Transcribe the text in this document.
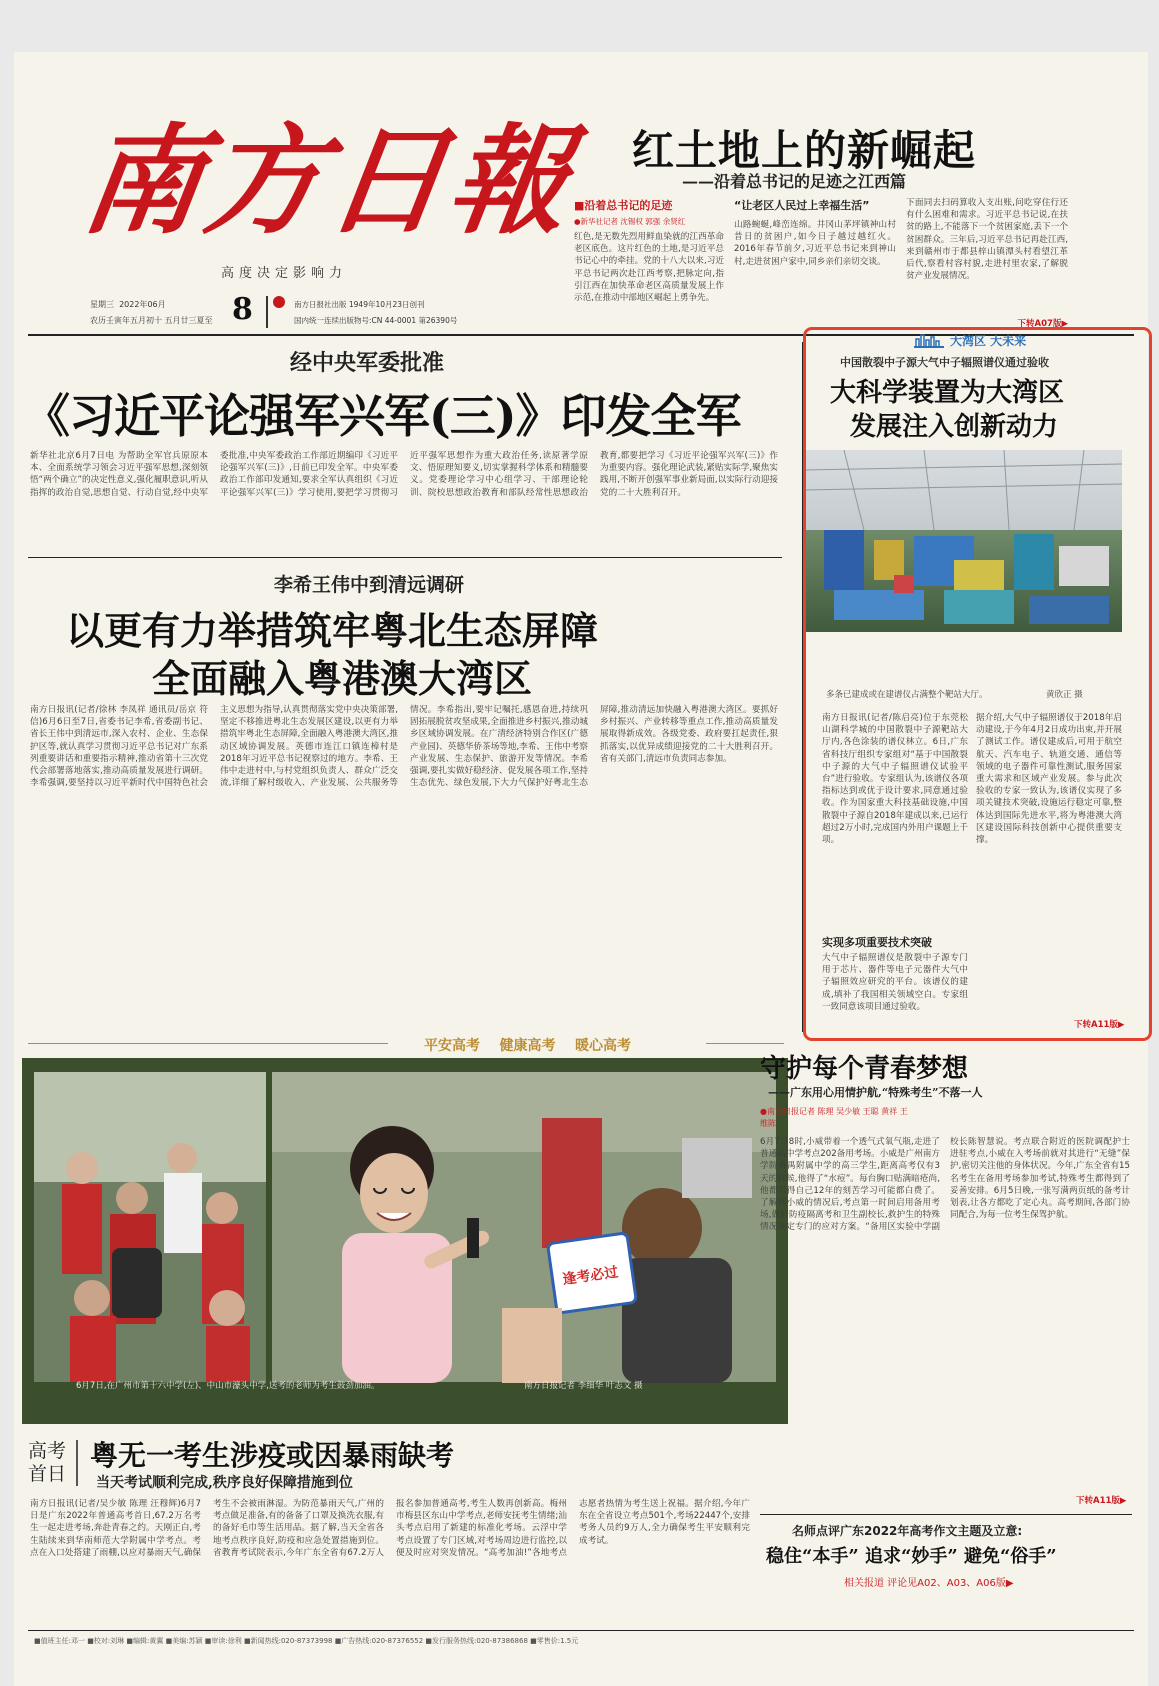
南方日報
高度决定影响力
星期三 2022年06月
农历壬寅年五月初十 五月廿三夏至 8	南方日报社出版 1949年10月23日创刊
国内统一连续出版物号:CN 44-0001 第26390号
红土地上的新崛起
——沿着总书记的足迹之江西篇
■沿着总书记的足迹
●新华社记者 沈锡权 郭强 余贤红

红色,是无数先烈用鲜血染就的江西革命老区底色。这片红色的土地,是习近平总书记心中的牵挂。党的十八大以来,习近平总书记两次赴江西考察,把脉定向,指引江西在加快革命老区高质量发展上作示范,在推动中部地区崛起上勇争先。

“让老区人民过上幸福生活”

山路蜿蜒,峰峦连绵。井冈山茅坪镇神山村昔日的贫困户,如今日子越过越红火。2016年春节前夕,习近平总书记来到神山村,走进贫困户家中,同乡亲们亲切交谈。

下面同去扫码算收入支出账,问吃穿住行还有什么困难和需求。习近平总书记说,在扶贫的路上,不能落下一个贫困家庭,丢下一个贫困群众。三年后,习近平总书记再赴江西,来到赣州市于都县梓山镇潭头村看望江革后代,察看村容村貌,走进村里农家,了解脱贫产业发展情况。

下转A07版▶
经中央军委批准
《习近平论强军兴军(三)》印发全军

新华社北京6月7日电 为帮助全军官兵原原本本、全面系统学习领会习近平强军思想,深刻领悟“两个确立”的决定性意义,强化履职意识,听从指挥的政治自觉,思想自觉、行动自觉,经中央军委批准,中央军委政治工作部近期编印《习近平论强军兴军(三)》,日前已印发全军。中央军委政治工作部印发通知,要求全军认真组织《习近平论强军兴军(三)》学习使用,要把学习贯彻习近平强军思想作为重大政治任务,读原著学原文、悟原理知要义,切实掌握科学体系和精髓要义。党委理论学习中心组学习、干部理论轮训、院校思想政治教育和部队经常性思想政治教育,都要把学习《习近平论强军兴军(三)》作为重要内容。强化理论武装,紧贴实际学,聚焦实践用,不断开创强军事业新局面,以实际行动迎接党的二十大胜利召开。

李希王伟中到清远调研
以更有力举措筑牢粤北生态屏障
全面融入粤港澳大湾区

南方日报讯(记者/徐林 李凤祥 通讯员/岳京 符信)6月6日至7日,省委书记李希,省委副书记、省长王伟中到清远市,深入农村、企业、生态保护区等,就认真学习贯彻习近平总书记对广东系列重要讲话和重要指示精神,推动省第十三次党代会部署落地落实,推动高质量发展进行调研。李希强调,要坚持以习近平新时代中国特色社会主义思想为指导,认真贯彻落实党中央决策部署,坚定不移推进粤北生态发展区建设,以更有力举措筑牢粤北生态屏障,全面融入粤港澳大湾区,推动区域协调发展。英德市连江口镇连樟村是2018年习近平总书记视察过的地方。李希、王伟中走进村中,与村党组织负责人、群众广泛交流,详细了解村级收入、产业发展、公共服务等情况。李希指出,要牢记嘱托,感恩奋进,持续巩固拓展脱贫攻坚成果,全面推进乡村振兴,推动城乡区域协调发展。在广清经济特别合作区(广德产业园)、英德华侨茶场等地,李希、王伟中考察产业发展、生态保护、旅游开发等情况。李希强调,要扎实做好稳经济、促发展各项工作,坚持生态优先、绿色发展,下大力气保护好粤北生态屏障,推动清远加快融入粤港澳大湾区。要抓好乡村振兴、产业转移等重点工作,推动高质量发展取得新成效。各级党委、政府要扛起责任,狠抓落实,以优异成绩迎接党的二十大胜利召开。省有关部门,清远市负责同志参加。

大湾区 大未来
中国散裂中子源大气中子辐照谱仪通过验收
大科学装置为大湾区
发展注入创新动力
多条已建成或在建谱仪占满整个靶站大厅。	黄欣正 摄

南方日报讯(记者/陈启亮)位于东莞松山湖科学城的中国散裂中子源靶站大厅内,各色涂装的谱仪林立。6日,广东省科技厅组织专家组对“基于中国散裂中子源的大气中子辐照谱仪试验平台”进行验收。专家组认为,该谱仪各项指标达到或优于设计要求,同意通过验收。作为国家重大科技基础设施,中国散裂中子源自2018年建成以来,已运行超过2万小时,完成国内外用户课题上千项。

实现多项重要技术突破

大气中子辐照谱仪是散裂中子源专门用于芯片、器件等电子元器件大气中子辐照效应研究的平台。该谱仪的建成,填补了我国相关领域空白。专家组一致同意该项目通过验收。

据介绍,大气中子辐照谱仪于2018年启动建设,于今年4月2日成功出束,并开展了测试工作。谱仪建成后,可用于航空航天、汽车电子、轨道交通、通信等领域的电子器件可靠性测试,服务国家重大需求和区域产业发展。参与此次验收的专家一致认为,该谱仪实现了多项关键技术突破,设施运行稳定可靠,整体达到国际先进水平,将为粤港澳大湾区建设国际科技创新中心提供重要支撑。

下转A11版▶
平安高考 健康高考 暖心高考
逢考必过
6月7日,在广州市第十六中学(左)、中山市濠头中学,送考的老师为考生鼓劲加油。	南方日报记者 李细华 叶志文 摄
守护每个青春梦想
——广东用心用情护航,“特殊考生”不落一人
●南方日报记者 陈理 吴少敏 王聪 黄祥 王维陈

6月7日8时,小威带着一个透气式氧气瓶,走进了普通高中学考点202备用考场。小威是广州南方学院番禺附属中学的高三学生,距离高考仅有3天的时候,他得了“水痘”。每台胸口贴满暗疮尚,他都觉得自己12年的刻苦学习可能都白费了。了解到小威的情况后,考点第一时间启用备用考场,做好防疫隔离考和卫生副校长,救护生的特殊情况制定专门的应对方案。“备用区实验中学副校长陈智慧说。考点联合附近的医院调配护士进驻考点,小威在入考场前就对其进行“无缝”保护,密切关注他的身体状况。今年,广东全省有15名考生在备用考场参加考试,特殊考生都得到了妥善安排。6月5日晚,一张写满两页纸的备考计划表,让各方都吃了定心丸。高考期间,各部门协同配合,为每一位考生保驾护航。

下转A11版▶
高考
首日
粤无一考生涉疫或因暴雨缺考
当天考试顺利完成,秩序良好保障措施到位

南方日报讯(记者/吴少敏 陈理 汪穆辉)6月7日是广东2022年普通高考首日,67.2万名考生一起走进考场,奔赴青春之约。天刚正白,考生陆续来到华南师范大学附属中学考点。考点在入口处搭建了雨棚,以应对暴雨天气,确保考生不会被雨淋湿。为防范暴雨天气,广州的考点做足准备,有的备备了口罩及换洗衣服,有的备好毛巾等生活用品。据了解,当天全省各地考点秩序良好,防疫和应急处置措施到位。省教育考试院表示,今年广东全省有67.2万人报名参加普通高考,考生人数再创新高。梅州市梅县区东山中学考点,老师安抚考生情绪;汕头考点启用了新建的标准化考场。云浮中学考点设置了专门区域,对考场周边进行监控,以便及时应对突发情况。“高考加油!”各地考点志愿者热情为考生送上祝福。据介绍,今年广东在全省设立考点501个,考场22447个,安排考务人员约9万人,全力确保考生平安顺利完成考试。

名师点评广东2022年高考作文主题及立意:
稳住“本手” 追求“妙手” 避免“俗手”
相关报道 评论见A02、A03、A06版▶
■值班主任:邓一 ■校对:刘琳 ■编辑:黄翼 ■美编:苏颖 ■审读:徐利 ■新闻热线:020-87373998 ■广告热线:020-87376552 ■发行服务热线:020-87386868 ■零售价:1.5元
